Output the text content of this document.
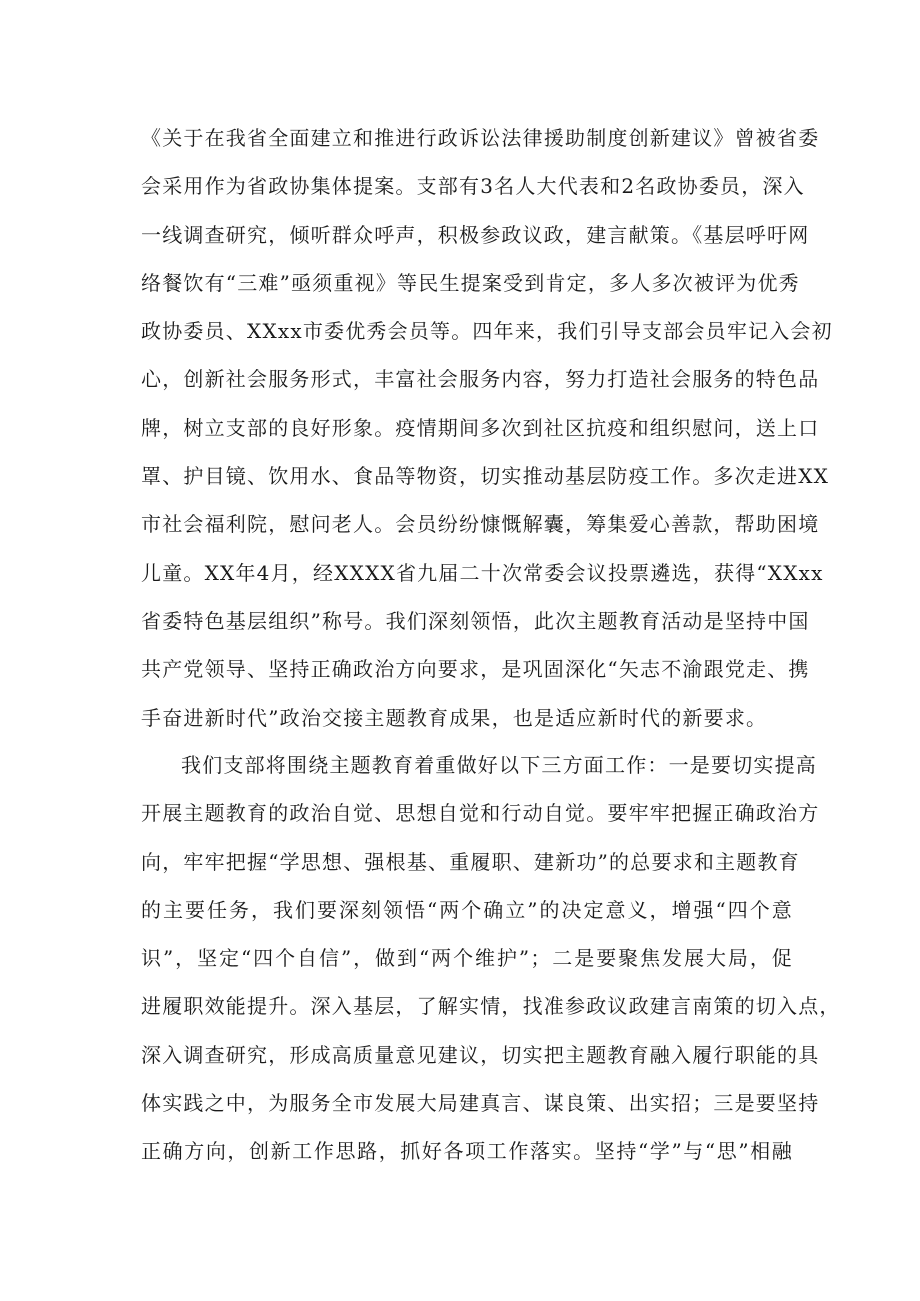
《关于在我省全面建立和推进行政诉讼法律援助制度创新建议》曾被省委
会采用作为省政协集体提案。支部有3名人大代表和2名政协委员，深入
一线调查研究，倾听群众呼声，积极参政议政，建言献策。《基层呼吁网
络餐饮有“三难”亟须重视》等民生提案受到肯定，多人多次被评为优秀
政协委员、XXxx市委优秀会员等。四年来，我们引导支部会员牢记入会初
心，创新社会服务形式，丰富社会服务内容，努力打造社会服务的特色品
牌，树立支部的良好形象。疫情期间多次到社区抗疫和组织慰问，送上口
罩、护目镜、饮用水、食品等物资，切实推动基层防疫工作。多次走进XX
市社会福利院，慰问老人。会员纷纷慷慨解囊，筹集爱心善款，帮助困境
儿童。XX年4月，经XXXX省九届二十次常委会议投票遴选，获得“XXxx
省委特色基层组织”称号。我们深刻领悟，此次主题教育活动是坚持中国
共产党领导、坚持正确政治方向要求，是巩固深化“矢志不渝跟党走、携
手奋进新时代”政治交接主题教育成果，也是适应新时代的新要求。
我们支部将围绕主题教育着重做好以下三方面工作：一是要切实提高
开展主题教育的政治自觉、思想自觉和行动自觉。要牢牢把握正确政治方
向，牢牢把握“学思想、强根基、重履职、建新功”的总要求和主题教育
的主要任务，我们要深刻领悟“两个确立”的决定意义，增强“四个意
识”，坚定“四个自信”，做到“两个维护”；二是要聚焦发展大局，促
进履职效能提升。深入基层，了解实情，找准参政议政建言南策的切入点，
深入调查研究，形成高质量意见建议，切实把主题教育融入履行职能的具
体实践之中，为服务全市发展大局建真言、谋良策、出实招；三是要坚持
正确方向，创新工作思路，抓好各项工作落实。坚持“学”与“思”相融
